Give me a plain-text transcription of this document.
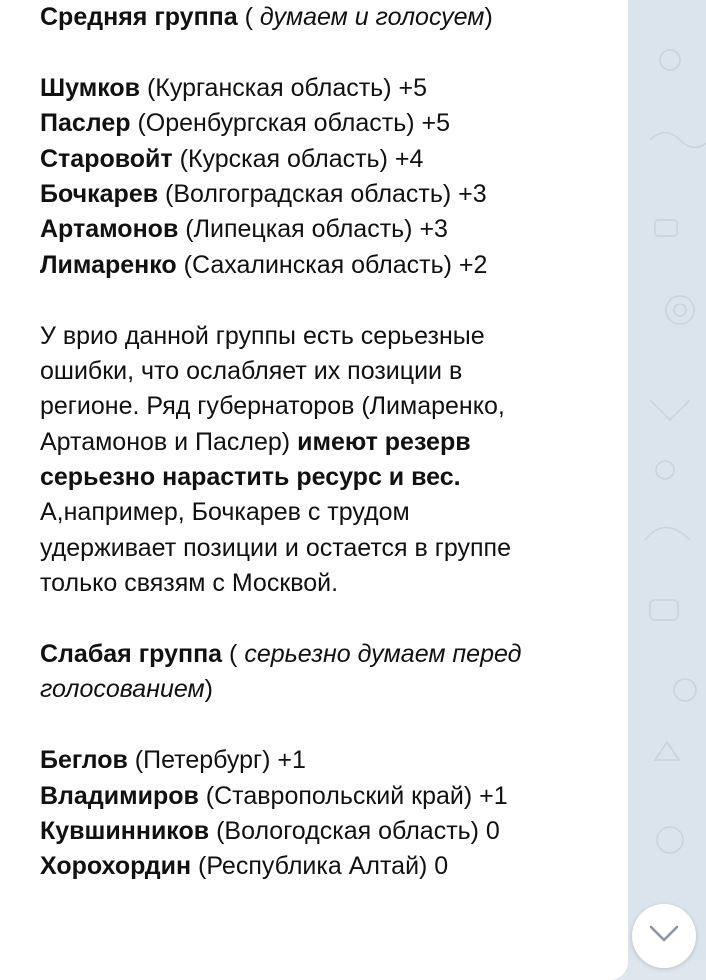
Средняя группа ( думаем и голосуем)
Шумков (Курганская область) +5
Паслер (Оренбургская область) +5
Старовойт (Курская область) +4
Бочкарев (Волгоградская область) +3
Артамонов (Липецкая область) +3
Лимаренко (Сахалинская область) +2
У врио данной группы есть серьезные
ошибки, что ослабляет их позиции в
регионе. Ряд губернаторов (Лимаренко,
Артамонов и Паслер) имеют резерв
серьезно нарастить ресурс и вес.
А,например, Бочкарев с трудом
удерживает позиции и остается в группе
только связям с Москвой.
Слабая группа ( серьезно думаем перед
голосованием)
Беглов (Петербург) +1
Владимиров (Ставропольский край) +1
Кувшинников (Вологодская область) 0
Хорохордин (Республика Алтай) 0
